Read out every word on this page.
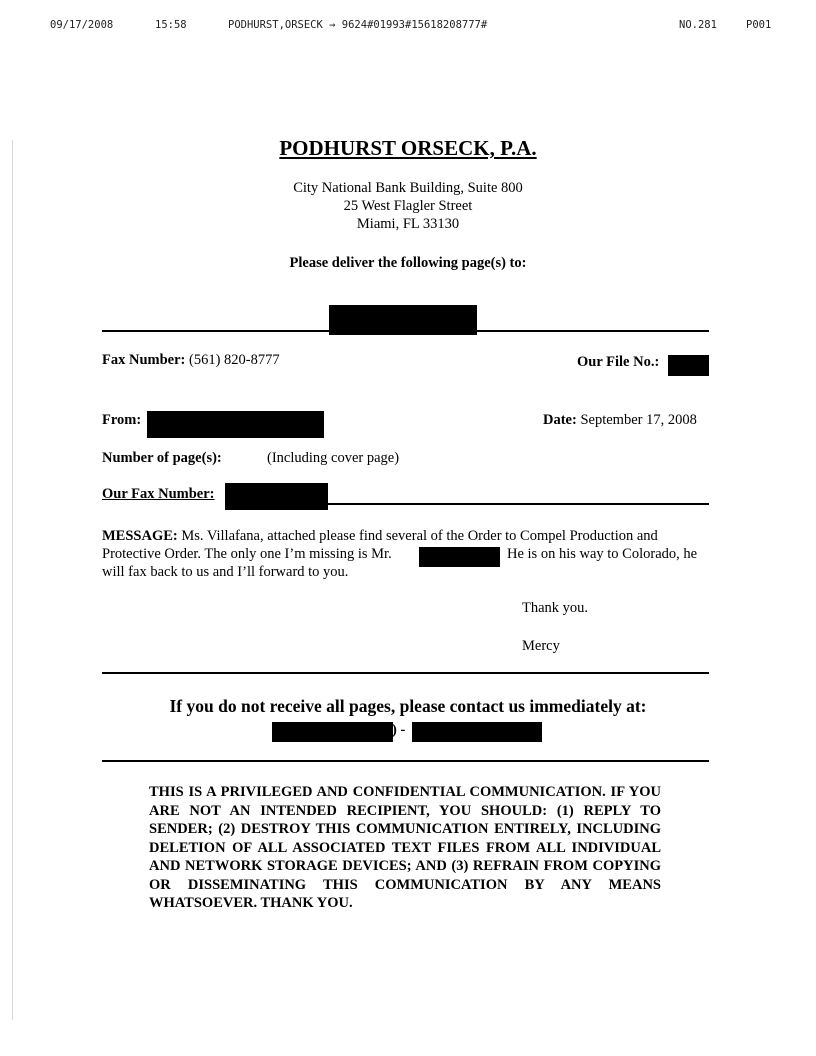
09/17/2008	15:58	PODHURST,ORSECK → 9624#01993#15618208777#	NO.281	P001
PODHURST ORSECK, P.A.
City National Bank Building, Suite 800
25 West Flagler Street
Miami, FL 33130
Please deliver the following page(s) to:
Fax Number: (561) 820-8777	Our File No.:
From:	Date: September 17, 2008
Number of page(s):	(Including cover page)
Our Fax Number:
MESSAGE: Ms. Villafana, attached please find several of the Order to Compel Production and
Protective Order. The only one I’m missing is Mr.	He is on his way to Colorado, he
will fax back to us and I’ll forward to you.
Thank you.
Mercy
If you do not receive all pages, please contact us immediately at:
) -
THIS IS A PRIVILEGED AND CONFIDENTIAL COMMUNICATION. IF YOU ARE NOT AN INTENDED RECIPIENT, YOU SHOULD: (1) REPLY TO SENDER; (2) DESTROY THIS COMMUNICATION ENTIRELY, INCLUDING DELETION OF ALL ASSOCIATED TEXT FILES FROM ALL INDIVIDUAL AND NETWORK STORAGE DEVICES; AND (3) REFRAIN FROM COPYING OR DISSEMINATING THIS COMMUNICATION BY ANY MEANS WHATSOEVER. THANK YOU.
